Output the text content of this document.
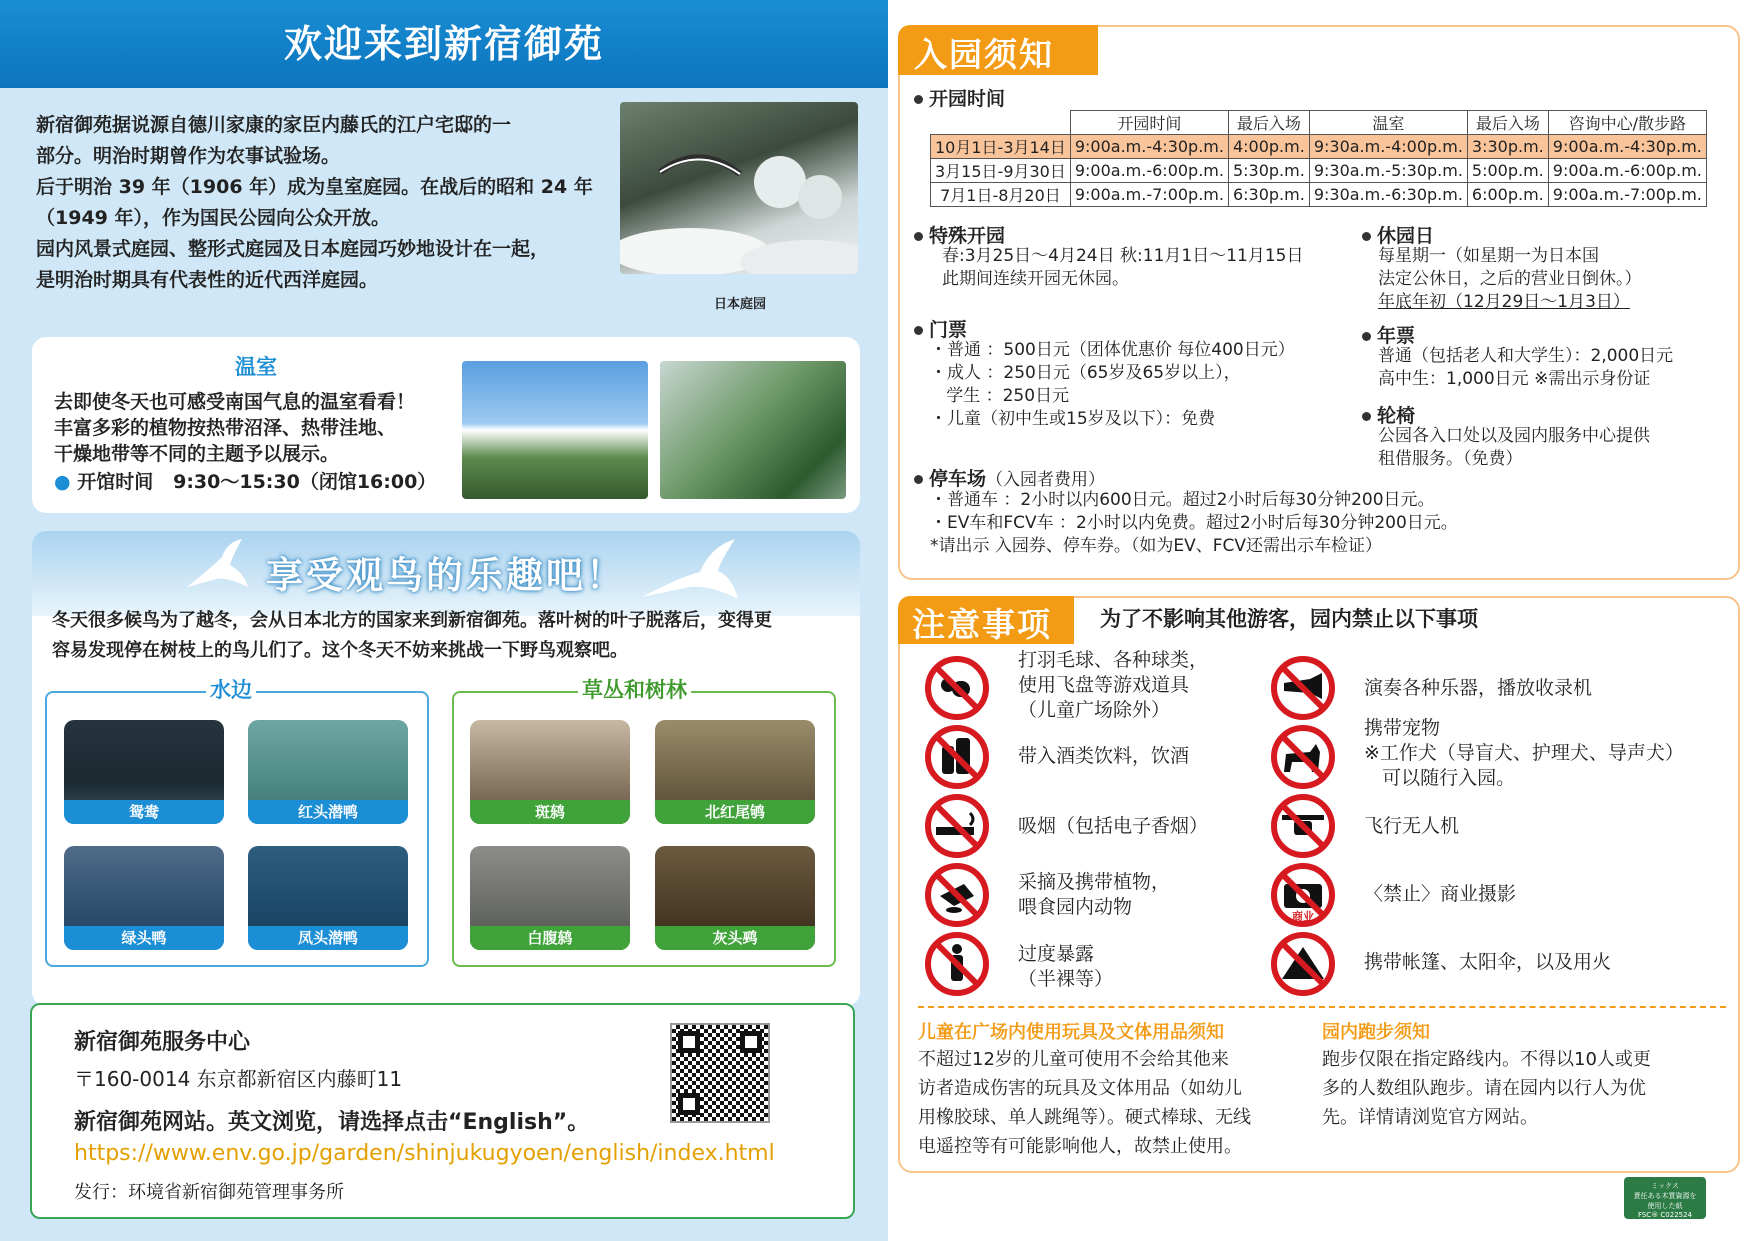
欢迎来到新宿御苑
新宿御苑据说源自德川家康的家臣内藤氏的江户宅邸的一
部分。明治时期曾作为农事试验场。
后于明治 39 年（1906 年）成为皇室庭园。在战后的昭和 24 年
（1949 年），作为国民公园向公众开放。
园内风景式庭园、整形式庭园及日本庭园巧妙地设计在一起，
是明治时期具有代表性的近代西洋庭园。
日本庭园
温室
去即使冬天也可感受南国气息的温室看看！
丰富多彩的植物按热带沼泽、热带洼地、
干燥地带等不同的主题予以展示。
● 开馆时间 9:30～15:30（闭馆16:00）
享受观鸟的乐趣吧！
冬天很多候鸟为了越冬，会从日本北方的国家来到新宿御苑。落叶树的叶子脱落后，变得更
容易发现停在树枝上的鸟儿们了。这个冬天不妨来挑战一下野鸟观察吧。
水边	草丛和树林
鸳鸯	红头潜鸭
绿头鸭	凤头潜鸭
斑鸫	北红尾鸲
白腹鸫	灰头鹀
新宿御苑服务中心
〒160-0014 东京都新宿区内藤町11
新宿御苑网站。英文浏览，请选择点击“English”。
https://www.env.go.jp/garden/shinjukugyoen/english/index.html
发行：环境省新宿御苑管理事务所
入园须知
开园时间
	开园时间	最后入场	温室	最后入场	咨询中心/散步路
10月1日-3月14日	9:00a.m.-4:30p.m.	4:00p.m.	9:30a.m.-4:00p.m.	3:30p.m.	9:00a.m.-4:30p.m.
3月15日-9月30日	9:00a.m.-6:00p.m.	5:30p.m.	9:30a.m.-5:30p.m.	5:00p.m.	9:00a.m.-6:00p.m.
7月1日-8月20日	9:00a.m.-7:00p.m.	6:30p.m.	9:30a.m.-6:30p.m.	6:00p.m.	9:00a.m.-7:00p.m.
特殊开园
春:3月25日～4月24日 秋:11月1日～11月15日
此期间连续开园无休园。
门票
・普通 ：500日元（团体优惠价 每位400日元）
・成人 ：250日元（65岁及65岁以上），
学生 ：250日元
・儿童（初中生或15岁及以下）：免费
休园日
每星期一（如星期一为日本国
法定公休日，之后的营业日倒休。）
年底年初（12月29日～1月3日）
年票
普通（包括老人和大学生）：2,000日元
高中生：1,000日元 ※需出示身份证
轮椅
公园各入口处以及园内服务中心提供
租借服务。（免费）
停车场（入园者费用）
・普通车 ：2小时以内600日元。超过2小时后每30分钟200日元。
・EV车和FCV车 ：2小时以内免费。超过2小时后每30分钟200日元。
*请出示 入园券、停车券。（如为EV、FCV还需出示车检证）
注意事项	为了不影响其他游客，园内禁止以下事项
打羽毛球、各种球类，
使用飞盘等游戏道具
（儿童广场除外）
带入酒类饮料，饮酒
吸烟（包括电子香烟）
采摘及携带植物，
喂食园内动物
过度暴露
（半裸等）
商业
演奏各种乐器，播放收录机
携带宠物
※工作犬（导盲犬、护理犬、导声犬）
可以随行入园。
飞行无人机
〈禁止〉商业摄影
携带帐篷、太阳伞，以及用火
儿童在广场内使用玩具及文体用品须知
不超过12岁的儿童可使用不会给其他来
访者造成伤害的玩具及文体用品（如幼儿
用橡胶球、单人跳绳等）。硬式棒球、无线
电遥控等有可能影响他人，故禁止使用。
园内跑步须知
跑步仅限在指定路线内。不得以10人或更
多的人数组队跑步。请在园内以行人为优
先。详情请浏览官方网站。
ミックス
責任ある木質資源を
使用した紙
FSC® C022524
